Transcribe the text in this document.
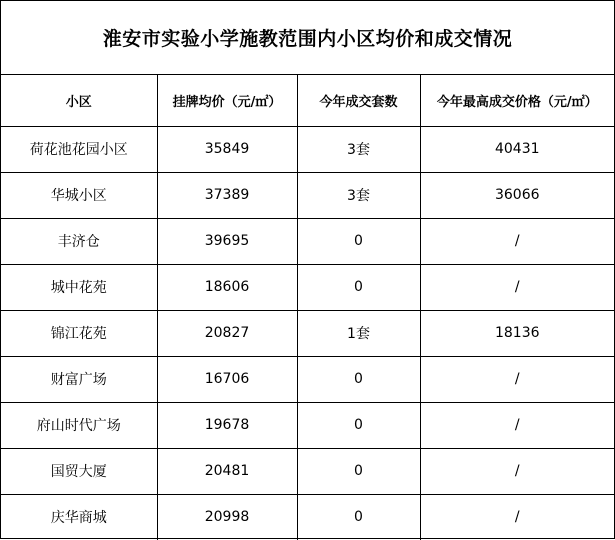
淮安市实验小学施教范围内小区均价和成交情况
小区	挂牌均价（元/㎡）	今年成交套数	今年最高成交价格（元/㎡）
荷花池花园小区	35849	3套	40431
华城小区	37389	3套	36066
丰济仓	39695	0	/
城中花苑	18606	0	/
锦江花苑	20827	1套	18136
财富广场	16706	0	/
府山时代广场	19678	0	/
国贸大厦	20481	0	/
庆华商城	20998	0	/
